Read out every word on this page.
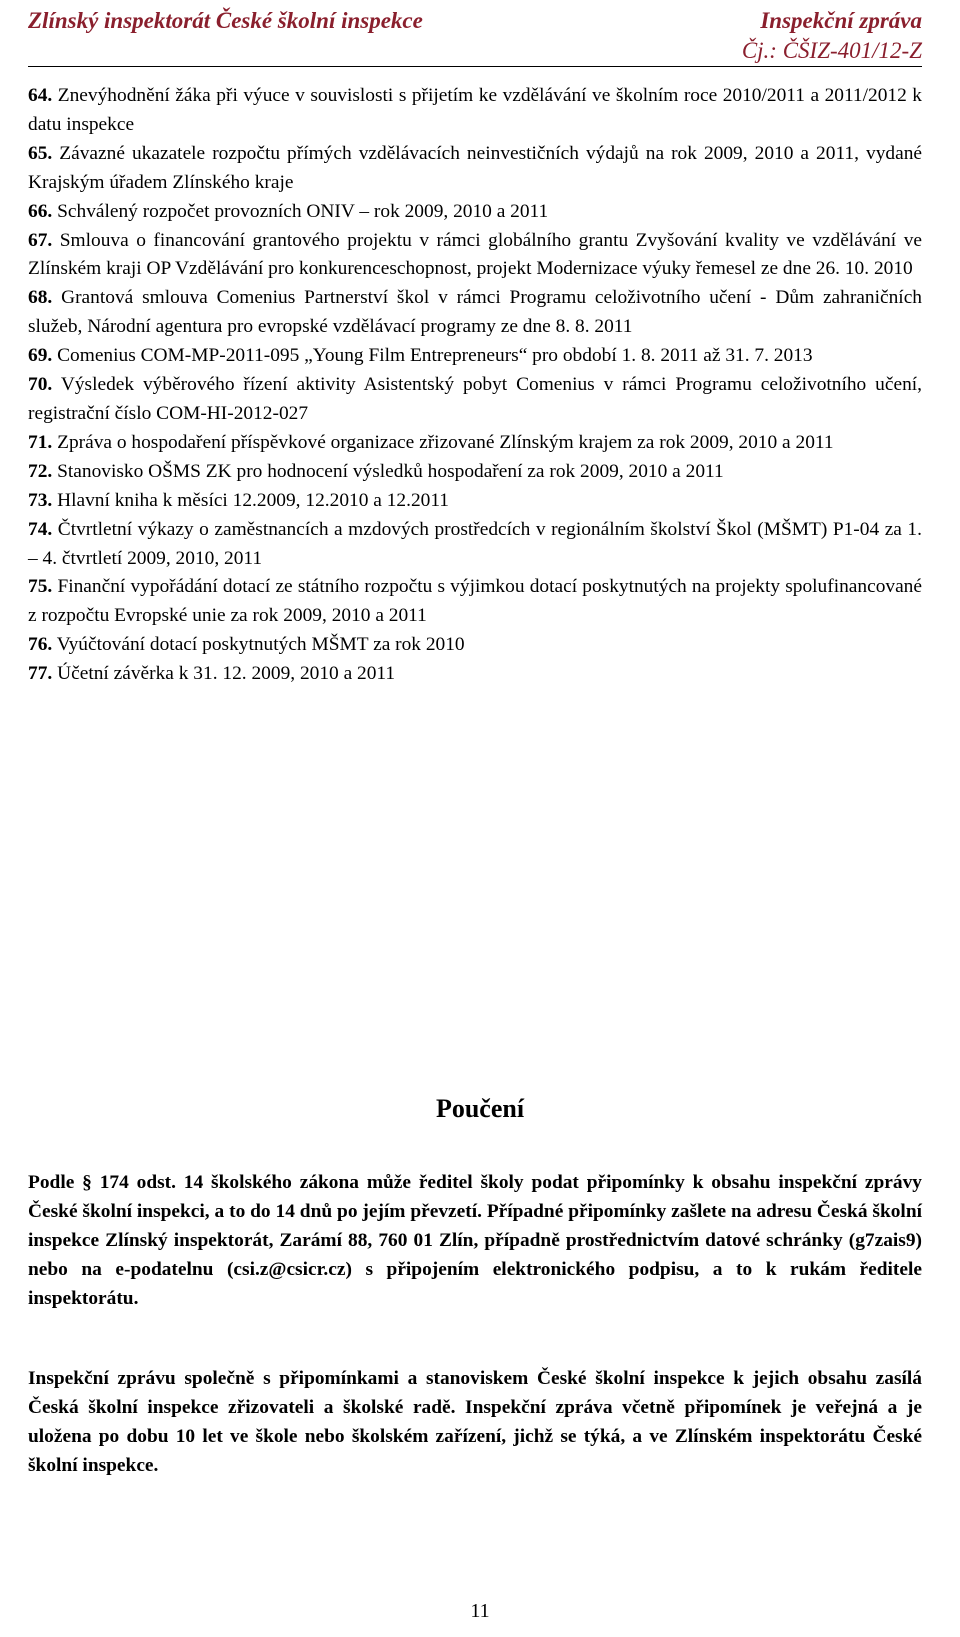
Zlínský inspektorát České školní inspekce	Inspekční zpráva
Čj.: ČŠIZ-401/12-Z

64. Znevýhodnění žáka při výuce v souvislosti s přijetím ke vzdělávání ve školním roce 2010/2011 a 2011/2012 k datu inspekce

65. Závazné ukazatele rozpočtu přímých vzdělávacích neinvestičních výdajů na rok 2009, 2010 a 2011, vydané Krajským úřadem Zlínského kraje

66. Schválený rozpočet provozních ONIV – rok 2009, 2010 a 2011

67. Smlouva o financování grantového projektu v rámci globálního grantu Zvyšování kvality ve vzdělávání ve Zlínském kraji OP Vzdělávání pro konkurenceschopnost, projekt Modernizace výuky řemesel ze dne 26. 10. 2010

68. Grantová smlouva Comenius Partnerství škol v rámci Programu celoživotního učení - Dům zahraničních služeb, Národní agentura pro evropské vzdělávací programy ze dne 8. 8. 2011

69. Comenius COM-MP-2011-095 „Young Film Entrepreneurs“ pro období 1. 8. 2011 až 31. 7. 2013

70. Výsledek výběrového řízení aktivity Asistentský pobyt Comenius v rámci Programu celoživotního učení, registrační číslo COM-HI-2012-027

71. Zpráva o hospodaření příspěvkové organizace zřizované Zlínským krajem za rok 2009, 2010 a 2011

72. Stanovisko OŠMS ZK pro hodnocení výsledků hospodaření za rok 2009, 2010 a 2011

73. Hlavní kniha k měsíci 12.2009, 12.2010 a 12.2011

74. Čtvrtletní výkazy o zaměstnancích a mzdových prostředcích v regionálním školství Škol (MŠMT) P1-04 za 1. – 4. čtvrtletí 2009, 2010, 2011

75. Finanční vypořádání dotací ze státního rozpočtu s výjimkou dotací poskytnutých na projekty spolufinancované z rozpočtu Evropské unie za rok 2009, 2010 a 2011

76. Vyúčtování dotací poskytnutých MŠMT za rok 2010

77. Účetní závěrka k 31. 12. 2009, 2010 a 2011

Poučení

Podle § 174 odst. 14 školského zákona může ředitel školy podat připomínky k obsahu inspekční zprávy České školní inspekci, a to do 14 dnů po jejím převzetí. Případné připomínky zašlete na adresu Česká školní inspekce Zlínský inspektorát, Zarámí 88, 760 01 Zlín, případně prostřednictvím datové schránky (g7zais9) nebo na e-podatelnu (csi.z@csicr.cz) s připojením elektronického podpisu, a to k rukám ředitele inspektorátu.

Inspekční zprávu společně s připomínkami a stanoviskem České školní inspekce k jejich obsahu zasílá Česká školní inspekce zřizovateli a školské radě. Inspekční zpráva včetně připomínek je veřejná a je uložena po dobu 10 let ve škole nebo školském zařízení, jichž se týká, a ve Zlínském inspektorátu České školní inspekce.

11
